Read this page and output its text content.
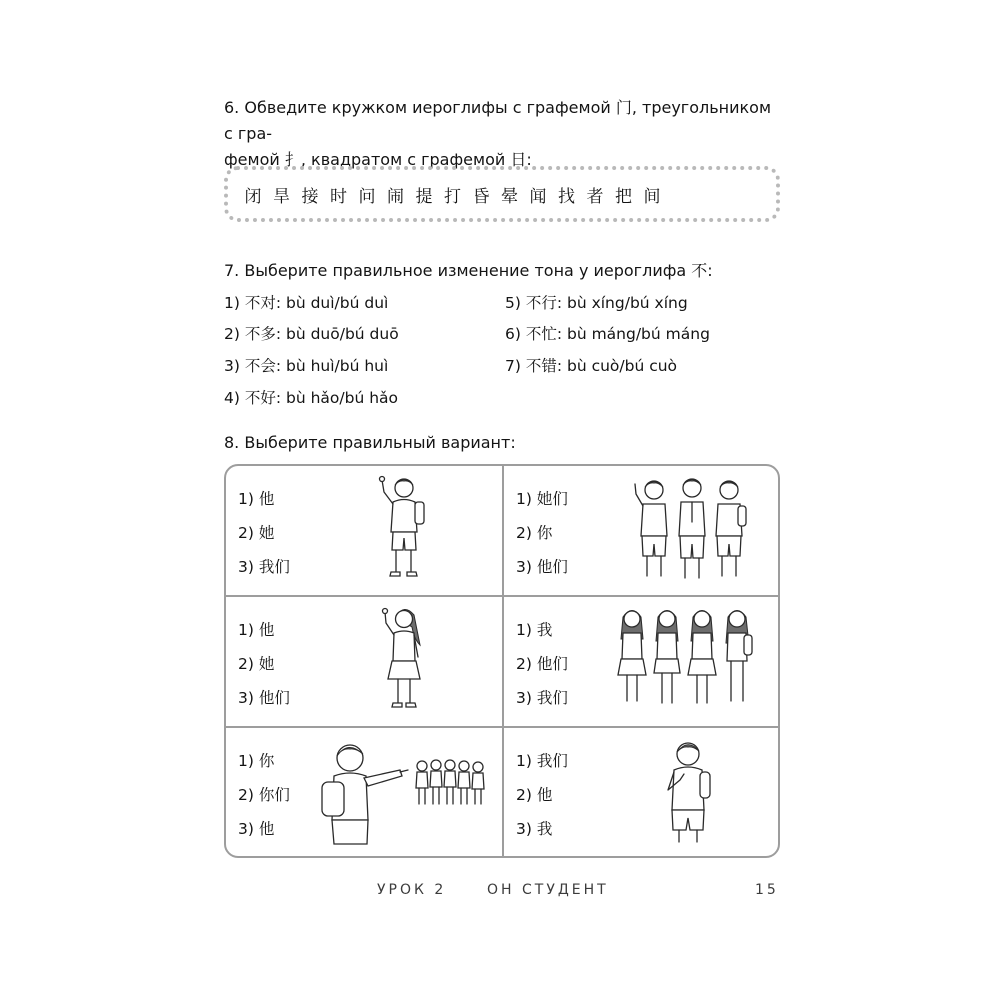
6. Обведите кружком иероглифы с графемой 门, треугольником с гра-
фемой 扌, квадратом с графемой 日:
闭 旱 接 时 问 闹 提 打 昏 晕 闻 找 者 把 间
7. Выберите правильное изменение тона у иероглифа 不:
1) 不对: bù duì/bú duì
2) 不多: bù duō/bú duō
3) 不会: bù huì/bú huì
4) 不好: bù hǎo/bú hǎo
5) 不行: bù xíng/bú xíng
6) 不忙: bù máng/bú máng
7) 不错: bù cuò/bú cuò
8. Выберите правильный вариант:
1) 他
2) 她
3) 我们
1) 她们
2) 你
3) 他们
1) 他
2) 她
3) 他们
1) 我
2) 他们
3) 我们
1) 你
2) 你们
3) 他
1) 我们
2) 他
3) 我
УРОК 2	ОН СТУДЕНТ	15
